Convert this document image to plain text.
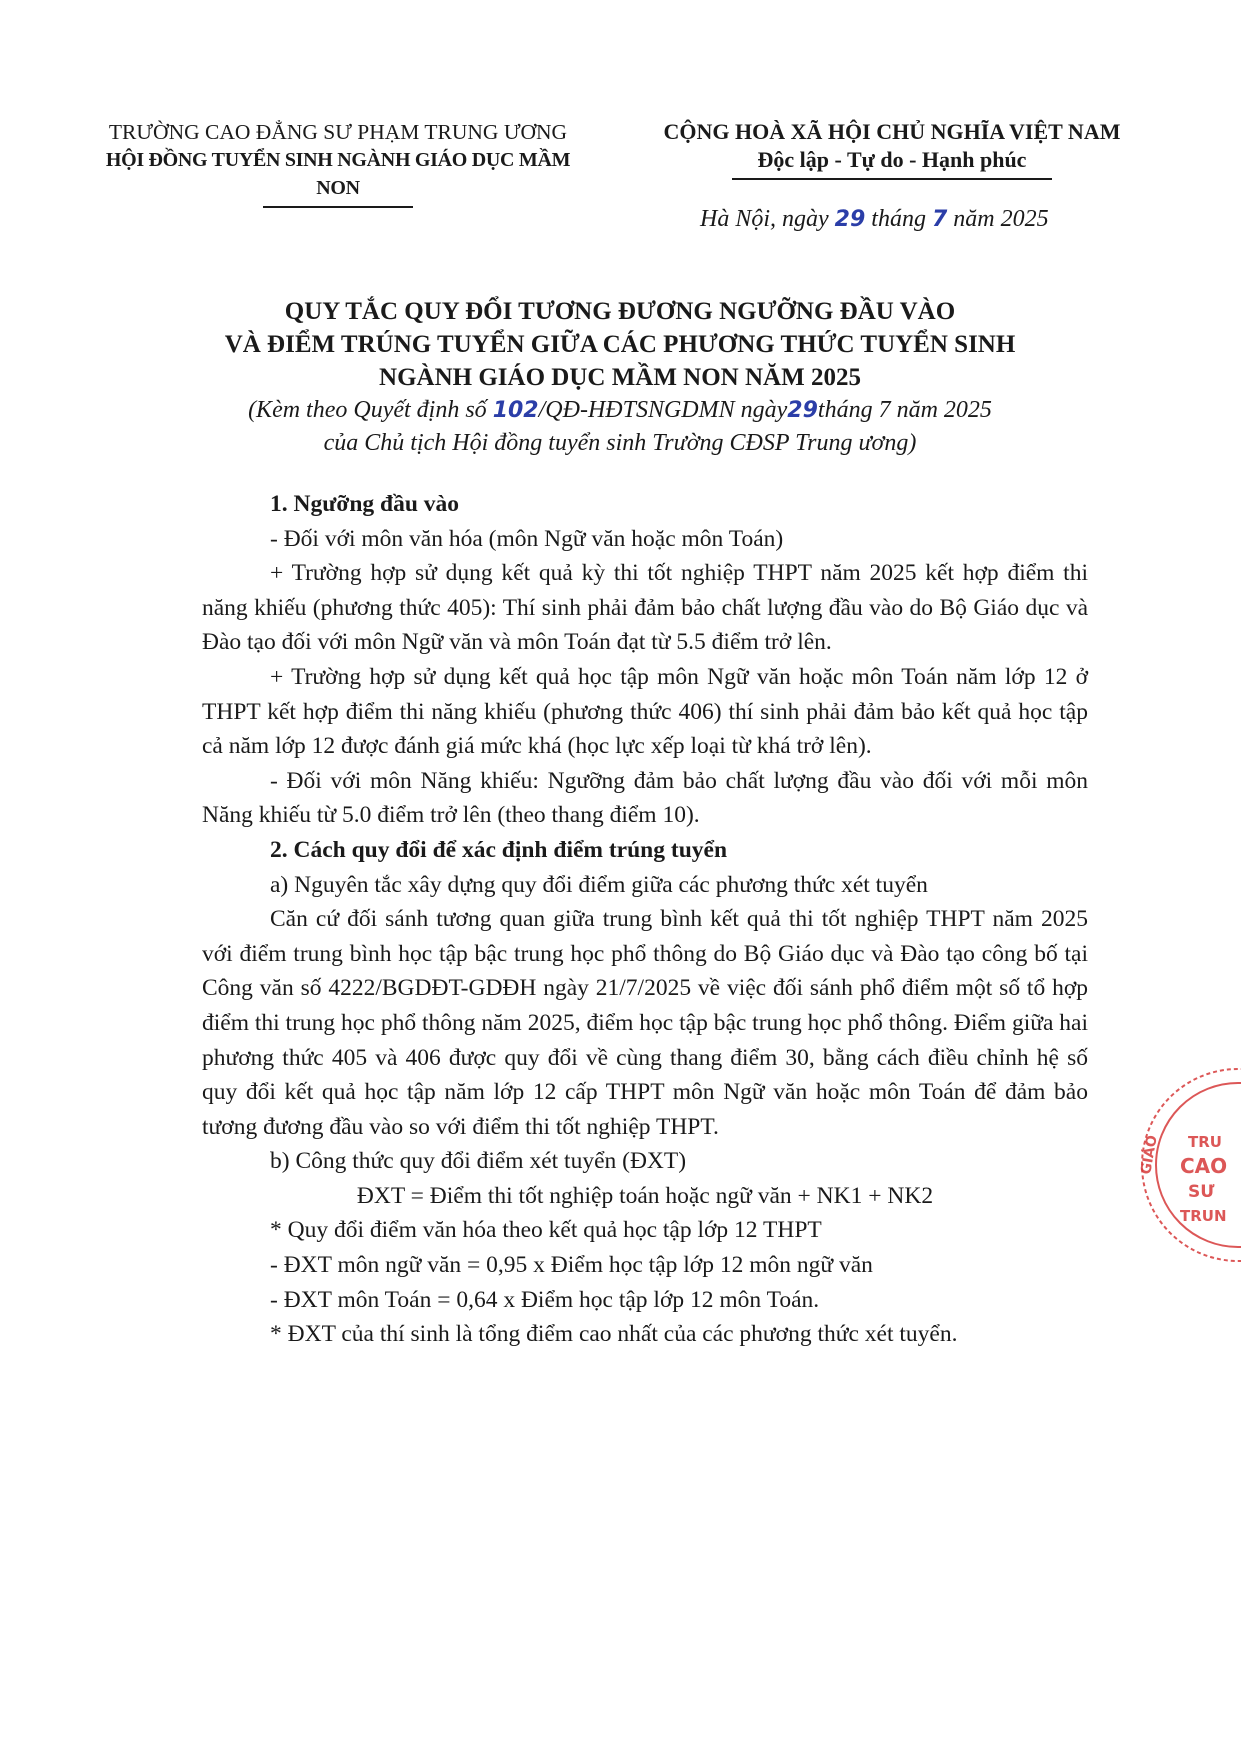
TRƯỜNG CAO ĐẲNG SƯ PHẠM TRUNG ƯƠNG
HỘI ĐỒNG TUYỂN SINH NGÀNH GIÁO DỤC MẦM NON
CỘNG HOÀ XÃ HỘI CHỦ NGHĨA VIỆT NAM
Độc lập - Tự do - Hạnh phúc
Hà Nội, ngày 29 tháng 7 năm 2025
QUY TẮC QUY ĐỔI TƯƠNG ĐƯƠNG NGƯỠNG ĐẦU VÀO
VÀ ĐIỂM TRÚNG TUYỂN GIỮA CÁC PHƯƠNG THỨC TUYỂN SINH
NGÀNH GIÁO DỤC MẦM NON NĂM 2025
(Kèm theo Quyết định số 102/QĐ-HĐTSNGDMN ngày29tháng 7 năm 2025
của Chủ tịch Hội đồng tuyển sinh Trường CĐSP Trung ương)

1. Ngưỡng đầu vào

- Đối với môn văn hóa (môn Ngữ văn hoặc môn Toán)

+ Trường hợp sử dụng kết quả kỳ thi tốt nghiệp THPT năm 2025 kết hợp điểm thi năng khiếu (phương thức 405): Thí sinh phải đảm bảo chất lượng đầu vào do Bộ Giáo dục và Đào tạo đối với môn Ngữ văn và môn Toán đạt từ 5.5 điểm trở lên.

+ Trường hợp sử dụng kết quả học tập môn Ngữ văn hoặc môn Toán năm lớp 12 ở THPT kết hợp điểm thi năng khiếu (phương thức 406) thí sinh phải đảm bảo kết quả học tập cả năm lớp 12 được đánh giá mức khá (học lực xếp loại từ khá trở lên).

- Đối với môn Năng khiếu: Ngưỡng đảm bảo chất lượng đầu vào đối với mỗi môn Năng khiếu từ 5.0 điểm trở lên (theo thang điểm 10).

2. Cách quy đổi để xác định điểm trúng tuyển

a) Nguyên tắc xây dựng quy đổi điểm giữa các phương thức xét tuyển

Căn cứ đối sánh tương quan giữa trung bình kết quả thi tốt nghiệp THPT năm 2025 với điểm trung bình học tập bậc trung học phổ thông do Bộ Giáo dục và Đào tạo công bố tại Công văn số 4222/BGDĐT-GDĐH ngày 21/7/2025 về việc đối sánh phổ điểm một số tổ hợp điểm thi trung học phổ thông năm 2025, điểm học tập bậc trung học phổ thông. Điểm giữa hai phương thức 405 và 406 được quy đổi về cùng thang điểm 30, bằng cách điều chỉnh hệ số quy đổi kết quả học tập năm lớp 12 cấp THPT môn Ngữ văn hoặc môn Toán để đảm bảo tương đương đầu vào so với điểm thi tốt nghiệp THPT.

b) Công thức quy đổi điểm xét tuyển (ĐXT)

ĐXT = Điểm thi tốt nghiệp toán hoặc ngữ văn + NK1 + NK2

* Quy đổi điểm văn hóa theo kết quả học tập lớp 12 THPT

- ĐXT môn ngữ văn = 0,95 x Điểm học tập lớp 12 môn ngữ văn

- ĐXT môn Toán = 0,64 x Điểm học tập lớp 12 môn Toán.

* ĐXT của thí sinh là tổng điểm cao nhất của các phương thức xét tuyển.

TRU
CAO
SƯ
TRUN
GIÁO
